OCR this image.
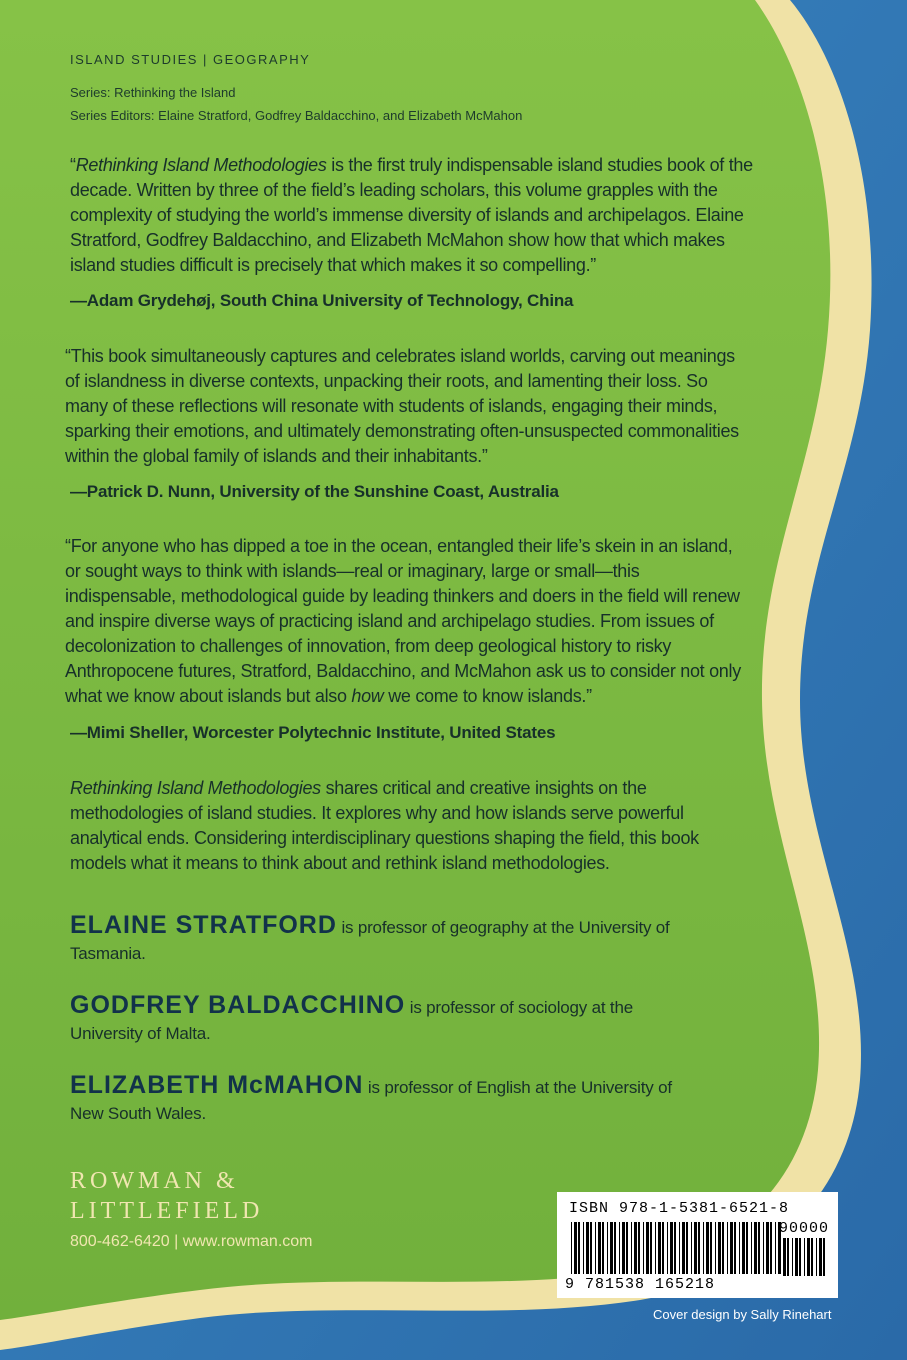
ISLAND STUDIES | GEOGRAPHY
Series: Rethinking the Island
Series Editors: Elaine Stratford, Godfrey Baldacchino, and Elizabeth McMahon
“Rethinking Island Methodologies is the first truly indispensable island studies book of the decade. Written by three of the field’s leading scholars, this volume grapples with the complexity of studying the world’s immense diversity of islands and archipelagos. Elaine Stratford, Godfrey Baldacchino, and Elizabeth McMahon show how that which makes island studies difficult is precisely that which makes it so compelling.”
—Adam Grydehøj, South China University of Technology, China
“This book simultaneously captures and celebrates island worlds, carving out meanings of islandness in diverse contexts, unpacking their roots, and lamenting their loss. So many of these reflections will resonate with students of islands, engaging their minds, sparking their emotions, and ultimately demonstrating often-unsuspected commonalities within the global family of islands and their inhabitants.”
—Patrick D. Nunn, University of the Sunshine Coast, Australia
“For anyone who has dipped a toe in the ocean, entangled their life’s skein in an island, or sought ways to think with islands—real or imaginary, large or small—this indispensable, methodological guide by leading thinkers and doers in the field will renew and inspire diverse ways of practicing island and archipelago studies. From issues of decolonization to challenges of innovation, from deep geological history to risky Anthropocene futures, Stratford, Baldacchino, and McMahon ask us to consider not only what we know about islands but also how we come to know islands.”
—Mimi Sheller, Worcester Polytechnic Institute, United States
Rethinking Island Methodologies shares critical and creative insights on the methodologies of island studies. It explores why and how islands serve powerful analytical ends. Considering interdisciplinary questions shaping the field, this book models what it means to think about and rethink island methodologies.
ELAINE STRATFORD is professor of geography at the University of Tasmania.
GODFREY BALDACCHINO is professor of sociology at the University of Malta.
ELIZABETH McMAHON is professor of English at the University of New South Wales.
ROWMAN &
LITTLEFIELD
800-462-6420 | www.rowman.com
ISBN 978-1-5381-6521-8
90000
9 781538 165218
Cover design by Sally Rinehart
